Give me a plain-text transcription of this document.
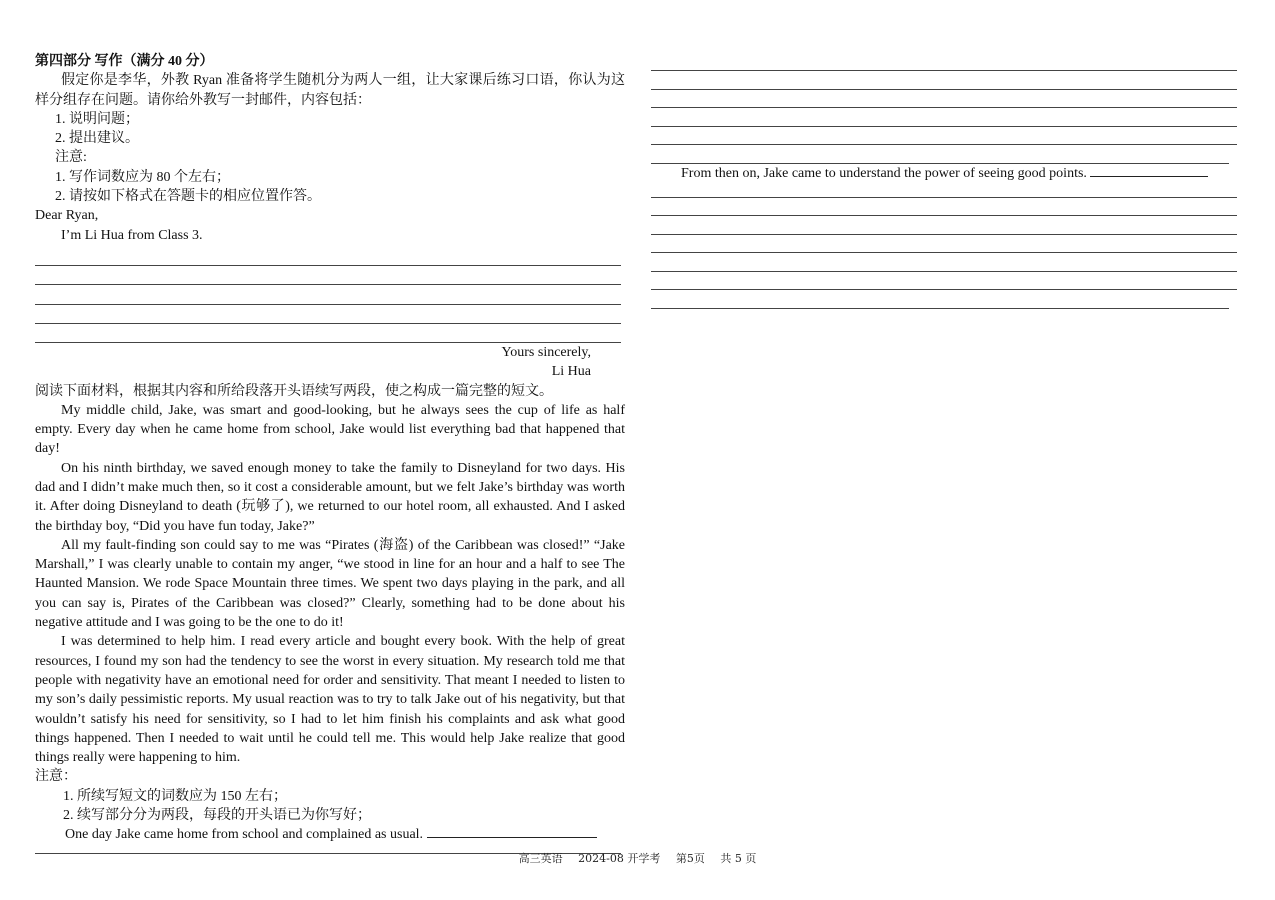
第四部分 写作（满分 40 分）

假定你是李华，外教 Ryan 准备将学生随机分为两人一组，让大家课后练习口语，你认为这样分组存在问题。请你给外教写一封邮件，内容包括：

1. 说明问题；

2. 提出建议。

注意:

1. 写作词数应为 80 个左右；

2. 请按如下格式在答题卡的相应位置作答。

Dear Ryan,

I’m Li Hua from Class 3.

Yours sincerely,

Li Hua

阅读下面材料，根据其内容和所给段落开头语续写两段，使之构成一篇完整的短文。

My middle child, Jake, was smart and good-looking, but he always sees the cup of life as half empty. Every day when he came home from school, Jake would list everything bad that happened that day!

On his ninth birthday, we saved enough money to take the family to Disneyland for two days. His dad and I didn’t make much then, so it cost a considerable amount, but we felt Jake’s birthday was worth it. After doing Disneyland to death (玩够了), we returned to our hotel room, all exhausted. And I asked the birthday boy, “Did you have fun today, Jake?”

All my fault-finding son could say to me was “Pirates (海盗) of the Caribbean was closed!” “Jake Marshall,” I was clearly unable to contain my anger, “we stood in line for an hour and a half to see The Haunted Mansion. We rode Space Mountain three times. We spent two days playing in the park, and all you can say is, Pirates of the Caribbean was closed?” Clearly, something had to be done about his negative attitude and I was going to be the one to do it!

I was determined to help him. I read every article and bought every book. With the help of great resources, I found my son had the tendency to see the worst in every situation. My research told me that people with negativity have an emotional need for order and sensitivity. That meant I needed to listen to my son’s daily pessimistic reports. My usual reaction was to try to talk Jake out of his negativity, but that wouldn’t satisfy his need for sensitivity, so I had to let him finish his complaints and ask what good things happened. Then I needed to wait until he could tell me. This would help Jake realize that good things really were happening to him.

注意：

1. 所续写短文的词数应为 150 左右；

2. 续写部分分为两段，每段的开头语已为你写好；

One day Jake came home from school and complained as usual.

From then on, Jake came to understand the power of seeing good points.

高三英语 2024-08 开学考 第5页 共 5 页
